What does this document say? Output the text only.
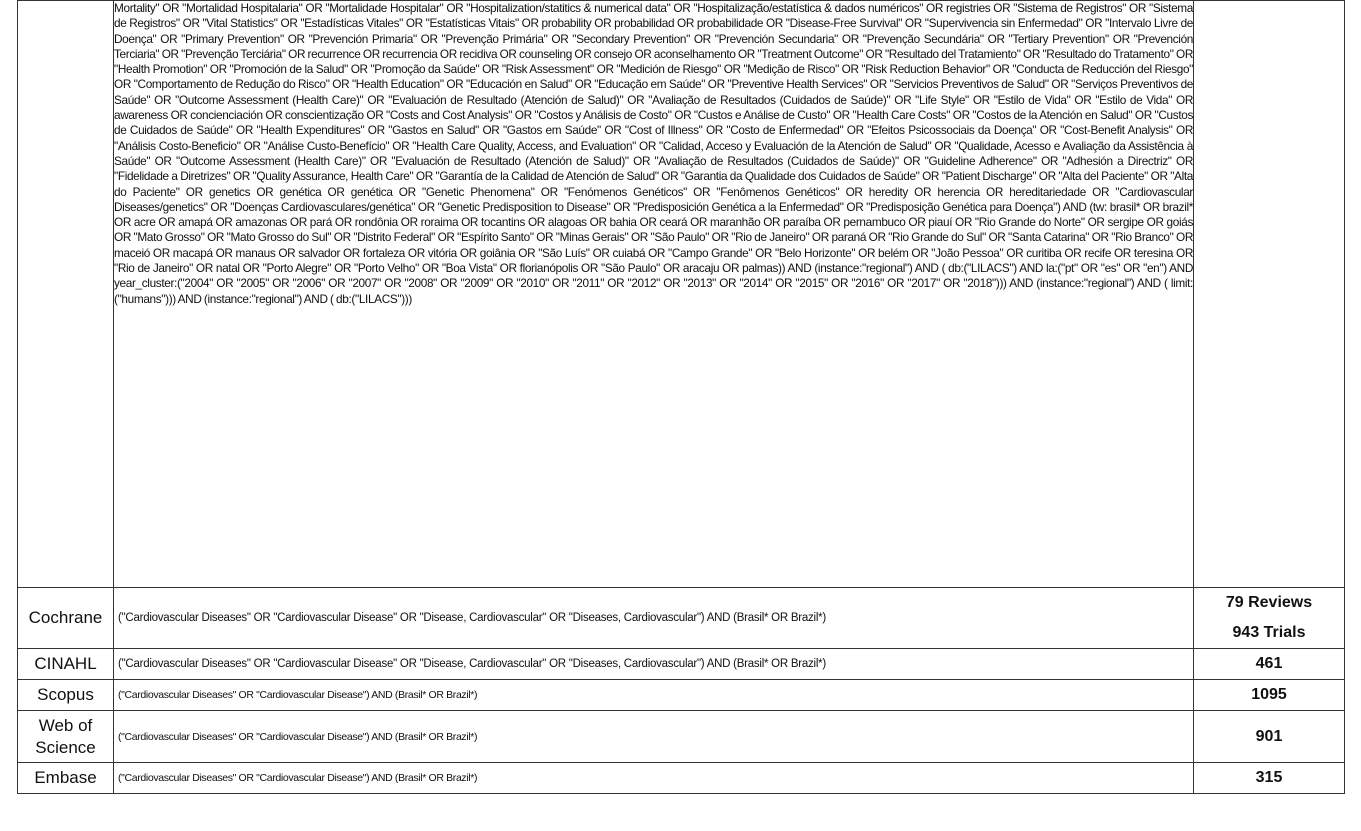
	Mortality" OR "Mortalidad Hospitalaria" OR "Mortalidade Hospitalar" OR "Hospitalization/statitics & numerical data" OR "Hospitalização/estatística & dados numéricos" OR registries OR "Sistema de Registros" OR "Sistema de Registros" OR "Vital Statistics" OR "Estadísticas Vitales" OR "Estatísticas Vitais" OR probability OR probabilidad OR probabilidade OR "Disease-Free Survival" OR "Supervivencia sin Enfermedad" OR "Intervalo Livre de Doença" OR "Primary Prevention" OR "Prevención Primaria" OR "Prevenção Primária" OR "Secondary Prevention" OR "Prevención Secundaria" OR "Prevenção Secundária" OR "Tertiary Prevention" OR "Prevención Terciaria" OR "Prevenção Terciária" OR recurrence OR recurrencia OR recidiva OR counseling OR consejo OR aconselhamento OR "Treatment Outcome" OR "Resultado del Tratamiento" OR "Resultado do Tratamento" OR "Health Promotion" OR "Promoción de la Salud" OR "Promoção da Saúde" OR "Risk Assessment" OR "Medición de Riesgo" OR "Medição de Risco" OR "Risk Reduction Behavior" OR "Conducta de Reducción del Riesgo" OR "Comportamento de Redução do Risco" OR "Health Education" OR "Educación en Salud" OR "Educação em Saúde" OR "Preventive Health Services" OR "Servicios Preventivos de Salud" OR "Serviços Preventivos de Saúde" OR "Outcome Assessment (Health Care)" OR "Evaluación de Resultado (Atención de Salud)" OR "Avaliação de Resultados (Cuidados de Saúde)" OR "Life Style" OR "Estilo de Vida" OR "Estilo de Vida" OR awareness OR concienciación OR conscientização OR "Costs and Cost Analysis" OR "Costos y Análisis de Costo" OR "Custos e Análise de Custo" OR "Health Care Costs" OR "Costos de la Atención en Salud" OR "Custos de Cuidados de Saúde" OR "Health Expenditures" OR "Gastos en Salud" OR "Gastos em Saúde" OR "Cost of Illness" OR "Costo de Enfermedad" OR "Efeitos Psicossociais da Doença" OR "Cost-Benefit Analysis" OR "Análisis Costo-Beneficio" OR "Análise Custo-Benefício" OR "Health Care Quality, Access, and Evaluation" OR "Calidad, Acceso y Evaluación de la Atención de Salud" OR "Qualidade, Acesso e Avaliação da Assistência à Saúde" OR "Outcome Assessment (Health Care)" OR "Evaluación de Resultado (Atención de Salud)" OR "Avaliação de Resultados (Cuidados de Saúde)" OR "Guideline Adherence" OR "Adhesión a Directriz" OR "Fidelidade a Diretrizes" OR "Quality Assurance, Health Care" OR "Garantía de la Calidad de Atención de Salud" OR "Garantia da Qualidade dos Cuidados de Saúde" OR "Patient Discharge" OR "Alta del Paciente" OR "Alta do Paciente" OR genetics OR genética OR genética OR "Genetic Phenomena" OR "Fenómenos Genéticos" OR "Fenômenos Genéticos" OR heredity OR herencia OR hereditariedade OR "Cardiovascular Diseases/genetics" OR "Doenças Cardiovasculares/genética" OR "Genetic Predisposition to Disease" OR "Predisposición Genética a la Enfermedad" OR "Predisposição Genética para Doença") AND (tw: brasil* OR brazil* OR acre OR amapá OR amazonas OR pará OR rondônia OR roraima OR tocantins OR alagoas OR bahia OR ceará OR maranhão OR paraíba OR pernambuco OR piauí OR "Rio Grande do Norte" OR sergipe OR goiás OR "Mato Grosso" OR "Mato Grosso do Sul" OR "Distrito Federal" OR "Espírito Santo" OR "Minas Gerais" OR "São Paulo" OR "Rio de Janeiro" OR paraná OR "Rio Grande do Sul" OR "Santa Catarina" OR "Rio Branco" OR maceió OR macapá OR manaus OR salvador OR fortaleza OR vitória OR goiânia OR "São Luís" OR cuiabá OR "Campo Grande" OR "Belo Horizonte" OR belém OR "João Pessoa" OR curitiba OR recife OR teresina OR "Rio de Janeiro" OR natal OR "Porto Alegre" OR "Porto Velho" OR "Boa Vista" OR florianópolis OR "São Paulo" OR aracaju OR palmas)) AND (instance:"regional") AND ( db:("LILACS") AND la:("pt" OR "es" OR "en") AND year_cluster:("2004" OR "2005" OR "2006" OR "2007" OR "2008" OR "2009" OR "2010" OR "2011" OR "2012" OR "2013" OR "2014" OR "2015" OR "2016" OR "2017" OR "2018"))) AND (instance:"regional") AND ( limit:("humans"))) AND (instance:"regional") AND ( db:("LILACS")))	
Cochrane	("Cardiovascular Diseases" OR "Cardiovascular Disease" OR "Disease, Cardiovascular" OR "Diseases, Cardiovascular") AND (Brasil* OR Brazil*)	79 Reviews
943 Trials

CINAHL	("Cardiovascular Diseases" OR "Cardiovascular Disease" OR "Disease, Cardiovascular" OR "Diseases, Cardiovascular") AND (Brasil* OR Brazil*)	461
Scopus	("Cardiovascular Diseases" OR "Cardiovascular Disease") AND (Brasil* OR Brazil*)	1095

Web of
Science	("Cardiovascular Diseases" OR "Cardiovascular Disease") AND (Brasil* OR Brazil*)	901
Embase	("Cardiovascular Diseases" OR "Cardiovascular Disease") AND (Brasil* OR Brazil*)	315
